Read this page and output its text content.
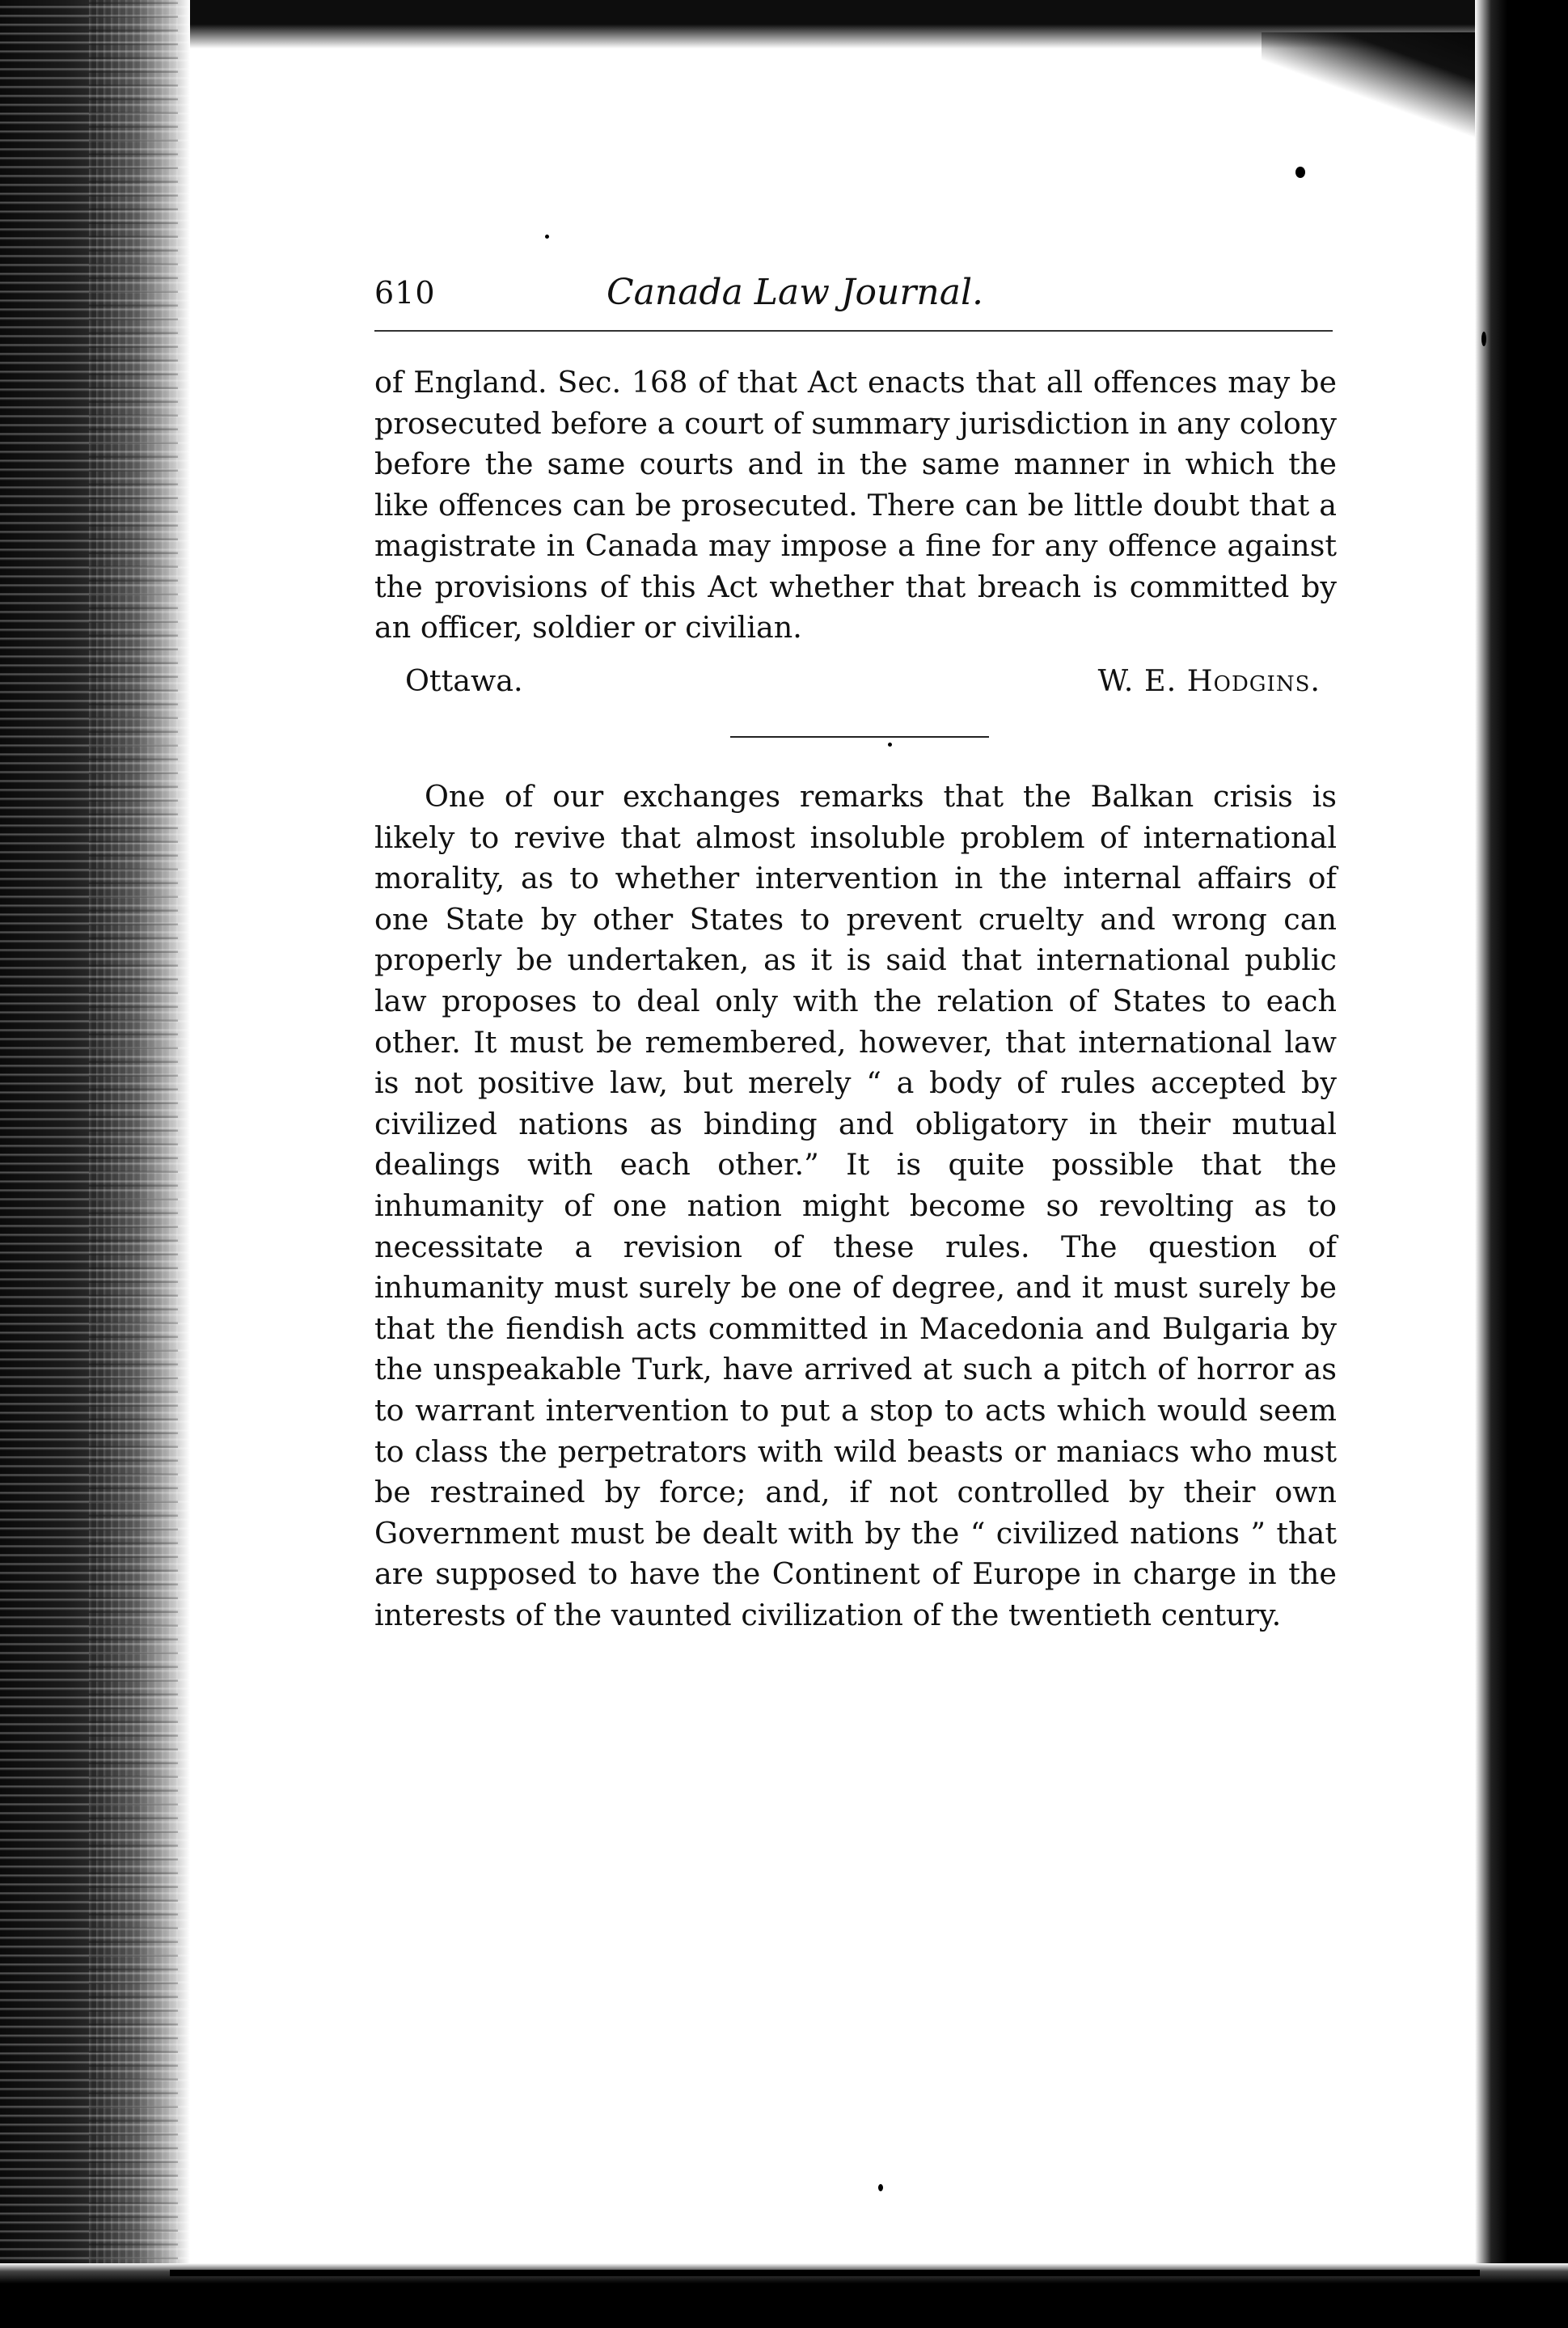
610	Canada Law Journal.

of England. Sec. 168 of that Act enacts that all offences may be prosecuted before a court of summary jurisdiction in any colony before the same courts and in the same manner in which the like offences can be prosecuted. There can be little doubt that a magistrate in Canada may impose a fine for any offence against the provisions of this Act whether that breach is committed by an officer, soldier or civilian.

Ottawa.	W. E. Hodgins.

One of our exchanges remarks that the Balkan crisis is likely to revive that almost insoluble problem of international morality, as to whether intervention in the internal affairs of one State by other States to prevent cruelty and wrong can properly be undertaken, as it is said that international public law proposes to deal only with the relation of States to each other. It must be remembered, however, that international law is not positive law, but merely “ a body of rules accepted by civilized nations as binding and obligatory in their mutual dealings with each other.” It is quite possible that the inhumanity of one nation might become so revolting as to necessitate a revision of these rules. The question of inhumanity must surely be one of degree, and it must surely be that the fiendish acts committed in Macedonia and Bulgaria by the unspeakable Turk, have arrived at such a pitch of horror as to warrant intervention to put a stop to acts which would seem to class the perpetrators with wild beasts or maniacs who must be restrained by force; and, if not controlled by their own Government must be dealt with by the “ civilized nations ” that are supposed to have the Continent of Europe in charge in the interests of the vaunted civilization of the twentieth century.
